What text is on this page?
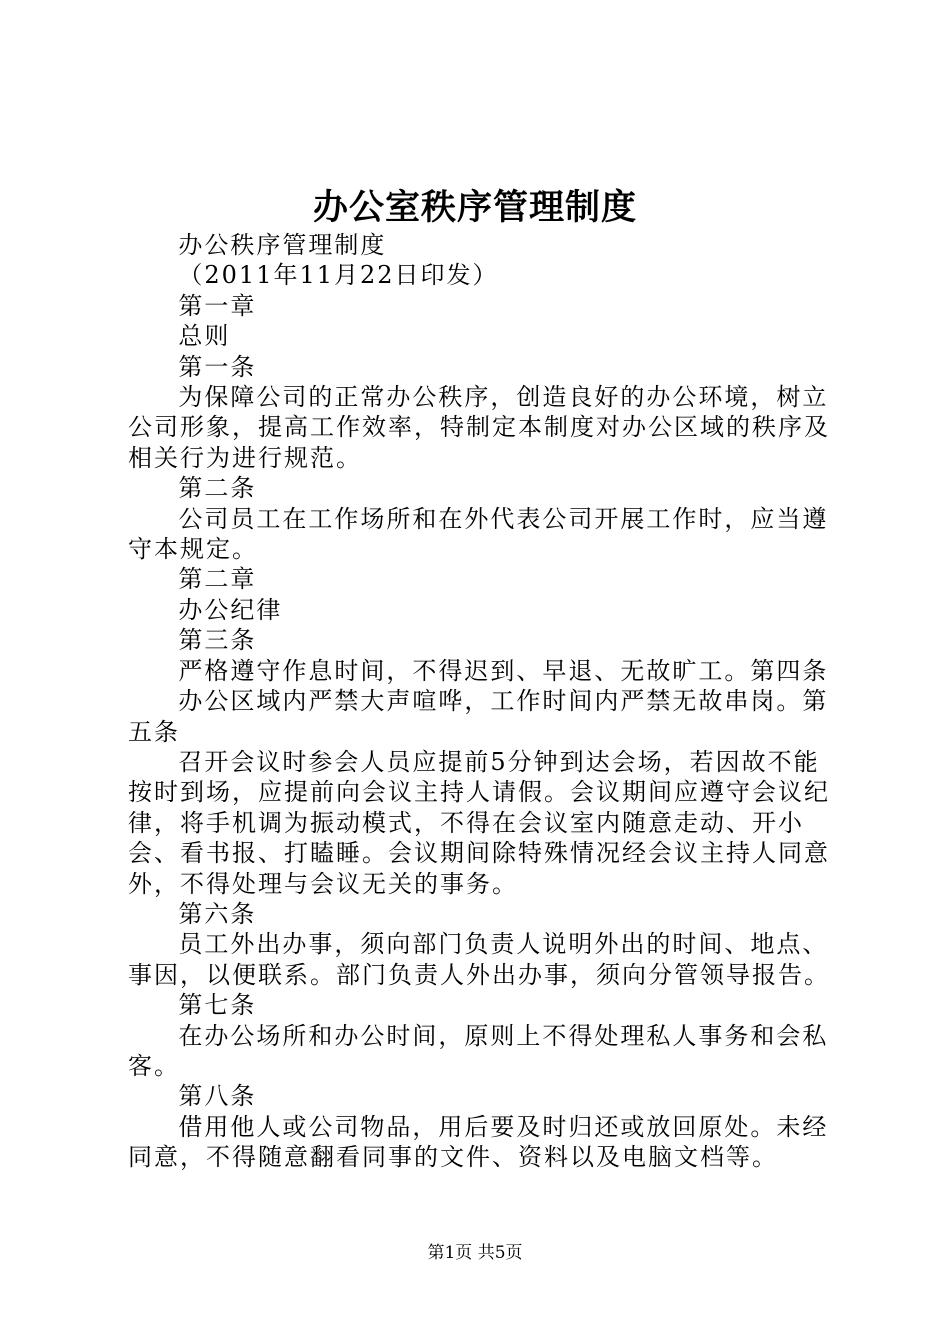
办公室秩序管理制度

办公秩序管理制度

（2011年11月22日印发）

第一章

总则

第一条

为保障公司的正常办公秩序，创造良好的办公环境，树立公司形象，提高工作效率，特制定本制度对办公区域的秩序及相关行为进行规范。

第二条

公司员工在工作场所和在外代表公司开展工作时，应当遵守本规定。

第二章

办公纪律

第三条

严格遵守作息时间，不得迟到、早退、无故旷工。第四条

办公区域内严禁大声喧哗，工作时间内严禁无故串岗。第五条

召开会议时参会人员应提前5分钟到达会场，若因故不能按时到场，应提前向会议主持人请假。会议期间应遵守会议纪律，将手机调为振动模式，不得在会议室内随意走动、开小会、看书报、打瞌睡。会议期间除特殊情况经会议主持人同意外，不得处理与会议无关的事务。

第六条

员工外出办事，须向部门负责人说明外出的时间、地点、事因，以便联系。部门负责人外出办事，须向分管领导报告。

第七条

在办公场所和办公时间，原则上不得处理私人事务和会私客。

第八条

借用他人或公司物品，用后要及时归还或放回原处。未经同意，不得随意翻看同事的文件、资料以及电脑文档等。

第1页 共5页
